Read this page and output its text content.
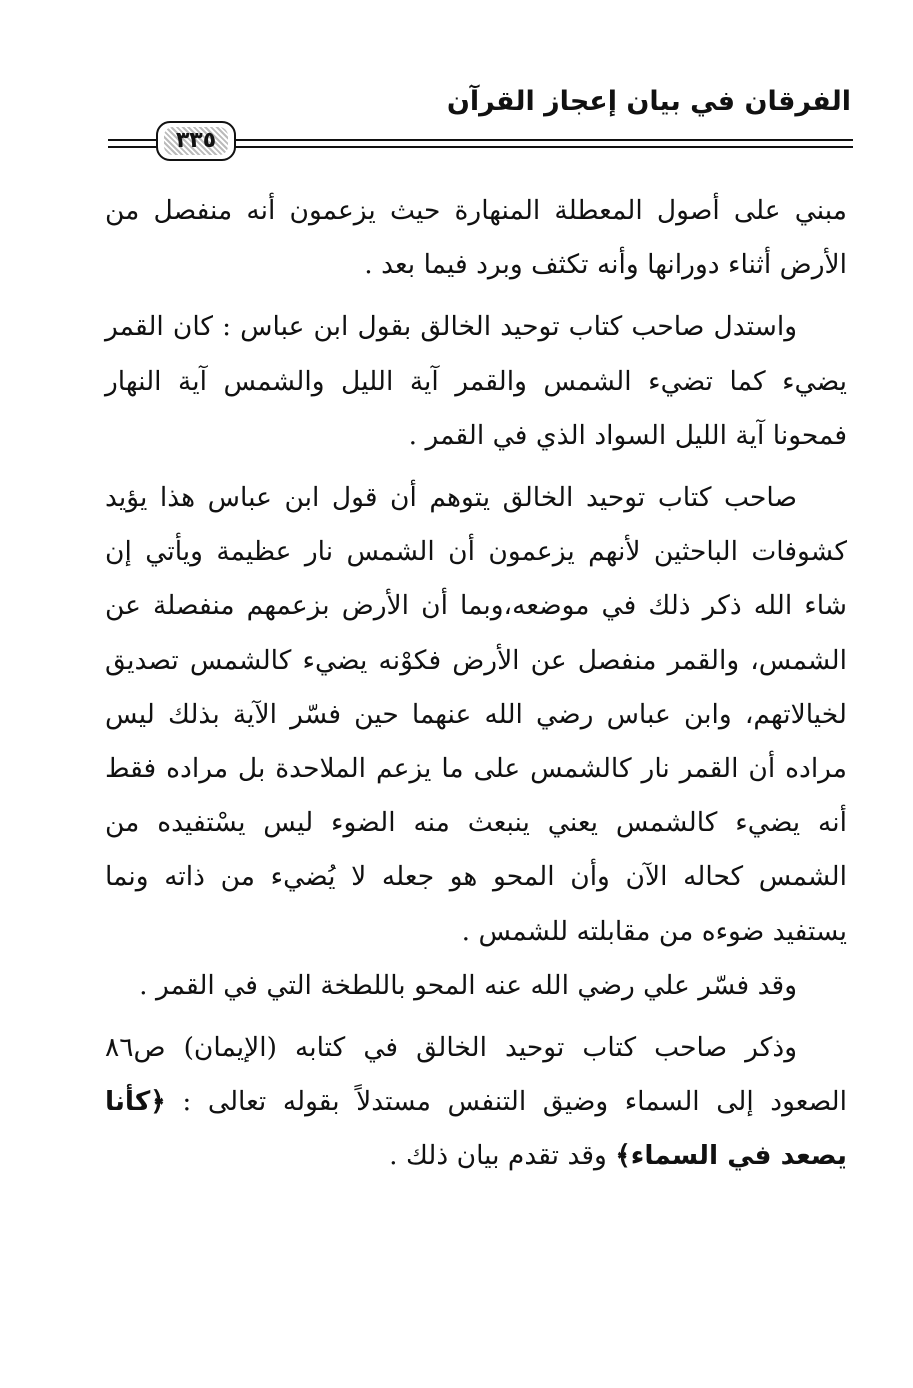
الفرقان في بيان إعجاز القرآن
٣٣٥

مبني على أصول المعطلة المنهارة حيث يزعمون أنه منفصل من الأرض أثناء دورانها وأنه تكثف وبرد فيما بعد .

واستدل صاحب كتاب توحيد الخالق بقول ابن عباس : كان القمر يضيء كما تضيء الشمس والقمر آية الليل والشمس آية النهار فمحونا آية الليل السواد الذي في القمر .

صاحب كتاب توحيد الخالق يتوهم أن قول ابن عباس هذا يؤيد كشوفات الباحثين لأنهم يزعمون أن الشمس نار عظيمة ويأتي إن شاء الله ذكر ذلك في موضعه،وبما أن الأرض بزعمهم منفصلة عن الشمس، والقمر منفصل عن الأرض فكوْنه يضيء كالشمس تصديق لخيالاتهم، وابن عباس رضي الله عنهما حين فسّر الآية بذلك ليس مراده أن القمر نار كالشمس على ما يزعم الملاحدة بل مراده فقط أنه يضيء كالشمس يعني ينبعث منه الضوء ليس يسْتفيده من الشمس كحاله الآن وأن المحو هو جعله لا يُضيء من ذاته ونما يستفيد ضوءه من مقابلته للشمس .

وقد فسّر علي رضي الله عنه المحو باللطخة التي في القمر .

وذكر صاحب كتاب توحيد الخالق في كتابه (الإيمان) ص٨٦ الصعود إلى السماء وضيق التنفس مستدلاً بقوله تعالى : ﴿كأنا يصعد في السماء﴾ وقد تقدم بيان ذلك .
